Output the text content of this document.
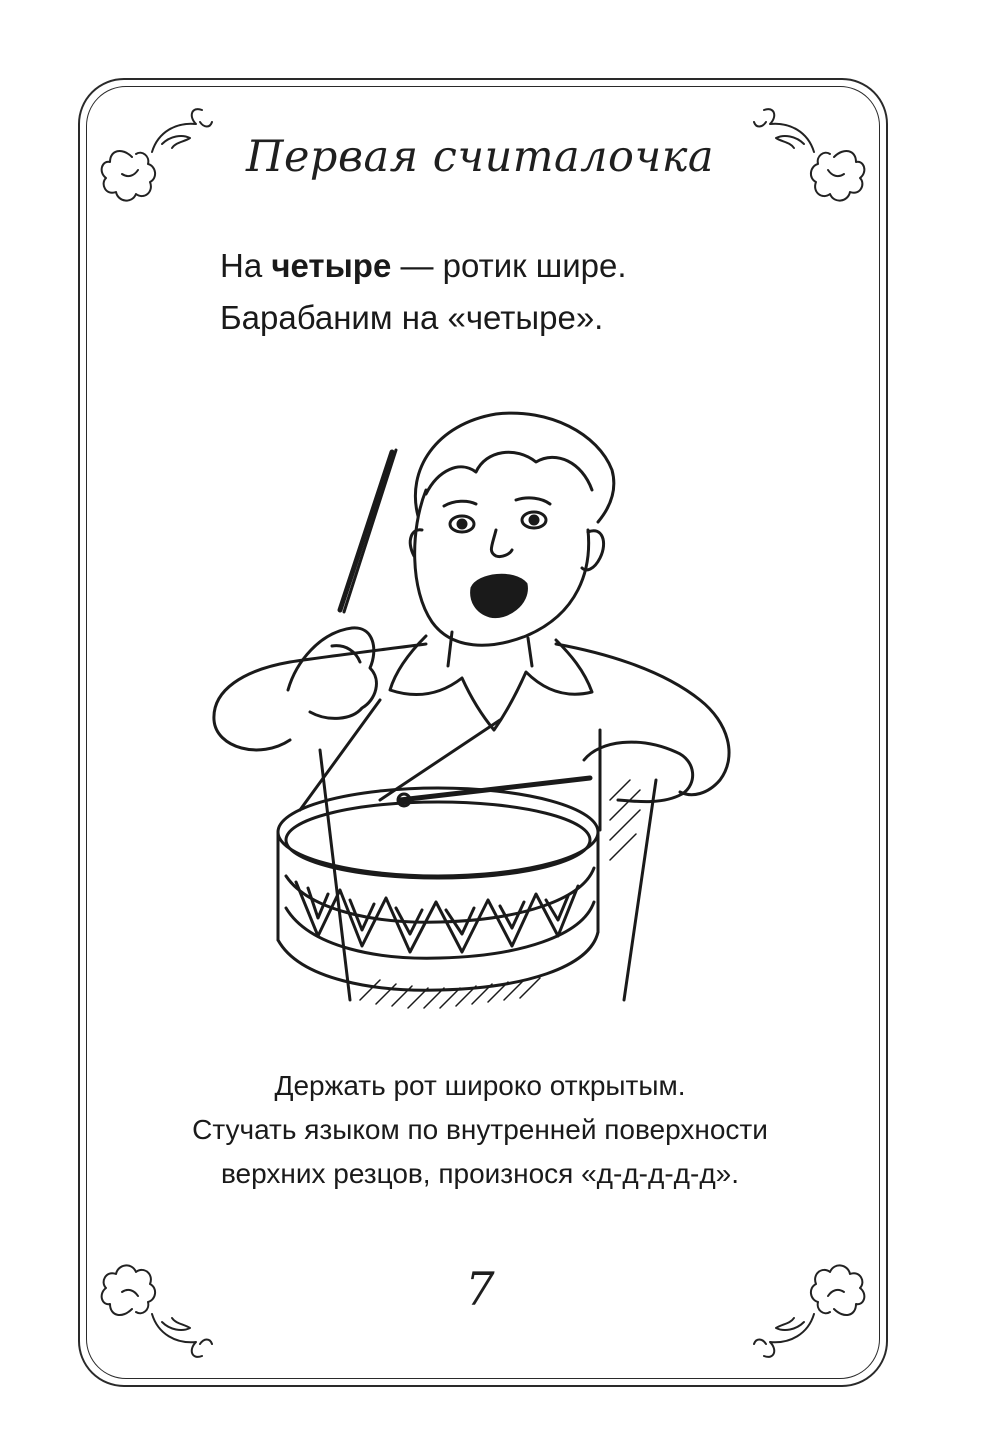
Первая считалочка
На четыре — ротик шире.
Барабаним на «четыре».
Держать рот широко открытым.
Стучать языком по внутренней поверхности
верхних резцов, произнося «д-д-д-д-д».
7
